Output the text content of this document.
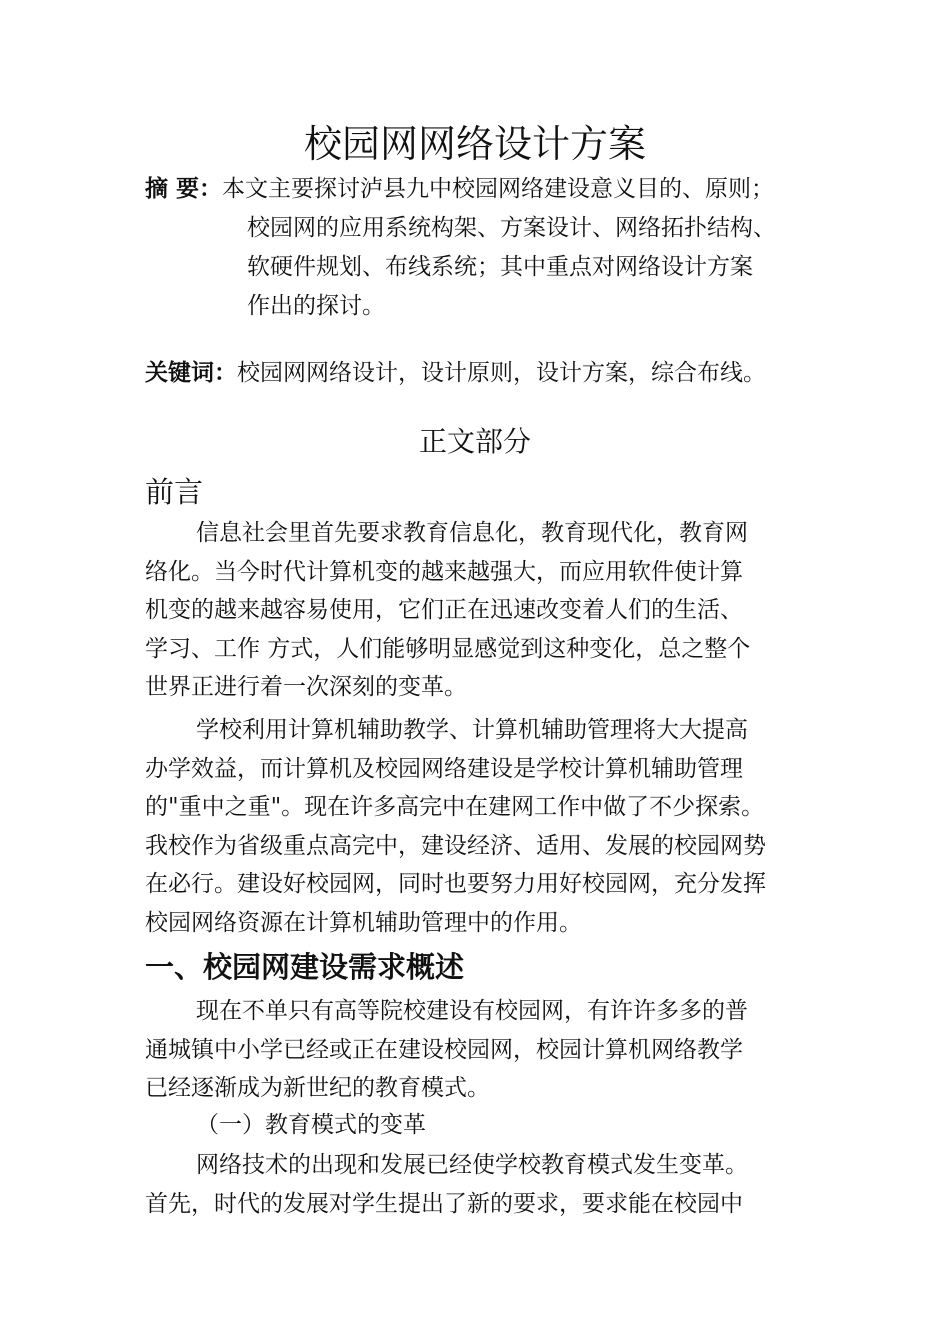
校园网网络设计方案
摘 要：本文主要探讨泸县九中校园网络建设意义目的、原则；
校园网的应用系统构架、方案设计、网络拓扑结构、
软硬件规划、布线系统；其中重点对网络设计方案
作出的探讨。
关键词：校园网网络设计，设计原则，设计方案，综合布线。
正文部分
前言
信息社会里首先要求教育信息化，教育现代化，教育网
络化。当今时代计算机变的越来越强大，而应用软件使计算
机变的越来越容易使用，它们正在迅速改变着人们的生活、
学习、工作 方式，人们能够明显感觉到这种变化，总之整个
世界正进行着一次深刻的变革。
学校利用计算机辅助教学、计算机辅助管理将大大提高
办学效益，而计算机及校园网络建设是学校计算机辅助管理
的"重中之重"。现在许多高完中在建网工作中做了不少探索。
我校作为省级重点高完中，建设经济、适用、发展的校园网势
在必行。建设好校园网，同时也要努力用好校园网，充分发挥
校园网络资源在计算机辅助管理中的作用。
一、校园网建设需求概述
现在不单只有高等院校建设有校园网，有许许多多的普
通城镇中小学已经或正在建设校园网，校园计算机网络教学
已经逐渐成为新世纪的教育模式。
（一）教育模式的变革
网络技术的出现和发展已经使学校教育模式发生变革。
首先，时代的发展对学生提出了新的要求，要求能在校园中
